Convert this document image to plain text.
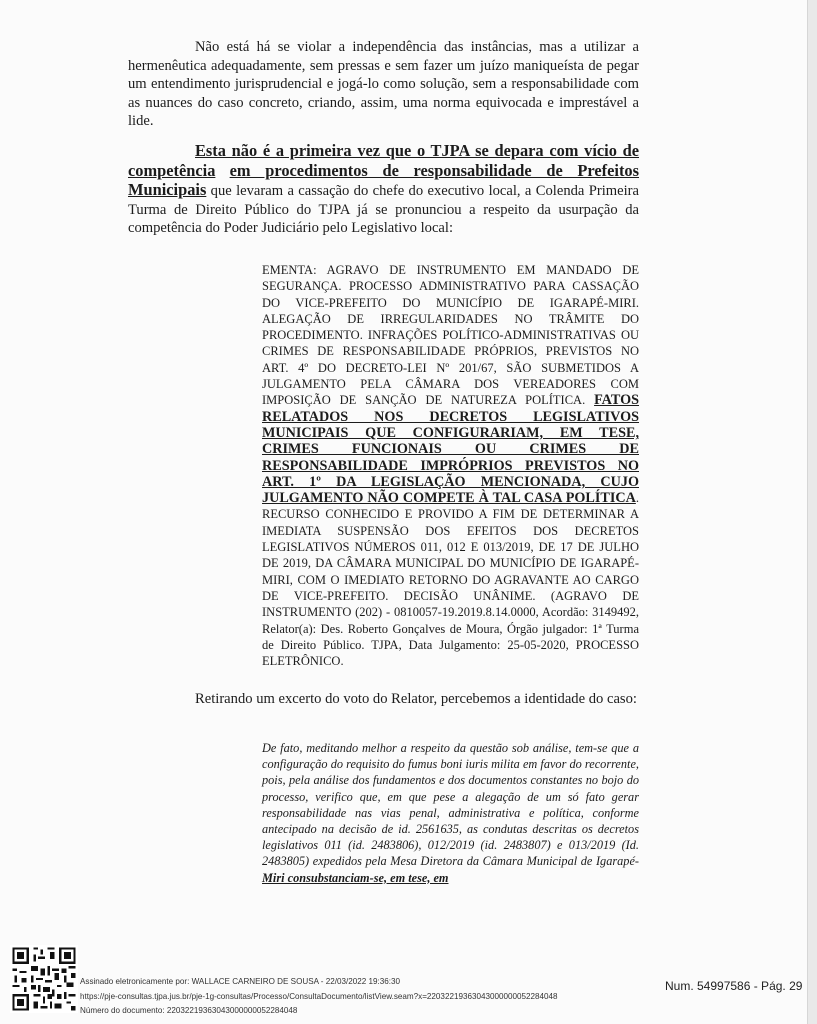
Não está há se violar a independência das instâncias, mas a utilizar a hermenêutica adequadamente, sem pressas e sem fazer um juízo maniqueísta de pegar um entendimento jurisprudencial e jogá-lo como solução, sem a responsabilidade com as nuances do caso concreto, criando, assim, uma norma equivocada e imprestável a lide.

Esta não é a primeira vez que o TJPA se depara com vício de competência em procedimentos de responsabilidade de Prefeitos Municipais que levaram a cassação do chefe do executivo local, a Colenda Primeira Turma de Direito Público do TJPA já se pronunciou a respeito da usurpação da competência do Poder Judiciário pelo Legislativo local:

EMENTA: AGRAVO DE INSTRUMENTO EM MANDADO DE SEGURANÇA. PROCESSO ADMINISTRATIVO PARA CASSAÇÃO DO VICE-PREFEITO DO MUNICÍPIO DE IGARAPÉ-MIRI. ALEGAÇÃO DE IRREGULARIDADES NO TRÂMITE DO PROCEDIMENTO. INFRAÇÕES POLÍTICO-ADMINISTRATIVAS OU CRIMES DE RESPONSABILIDADE PRÓPRIOS, PREVISTOS NO ART. 4º DO DECRETO-LEI Nº 201/67, SÃO SUBMETIDOS A JULGAMENTO PELA CÂMARA DOS VEREADORES COM IMPOSIÇÃO DE SANÇÃO DE NATUREZA POLÍTICA. FATOS RELATADOS NOS DECRETOS LEGISLATIVOS MUNICIPAIS QUE CONFIGURARIAM, EM TESE, CRIMES FUNCIONAIS OU CRIMES DE RESPONSABILIDADE IMPRÓPRIOS PREVISTOS NO ART. 1º DA LEGISLAÇÃO MENCIONADA, CUJO JULGAMENTO NÃO COMPETE À TAL CASA POLÍTICA. RECURSO CONHECIDO E PROVIDO A FIM DE DETERMINAR A IMEDIATA SUSPENSÃO DOS EFEITOS DOS DECRETOS LEGISLATIVOS NÚMEROS 011, 012 E 013/2019, DE 17 DE JULHO DE 2019, DA CÂMARA MUNICIPAL DO MUNICÍPIO DE IGARAPÉ-MIRI, COM O IMEDIATO RETORNO DO AGRAVANTE AO CARGO DE VICE-PREFEITO. DECISÃO UNÂNIME. (AGRAVO DE INSTRUMENTO (202) - 0810057-19.2019.8.14.0000, Acordão: 3149492, Relator(a): Des. Roberto Gonçalves de Moura, Órgão julgador: 1ª Turma de Direito Público. TJPA, Data Julgamento: 25-05-2020, PROCESSO ELETRÔNICO.

Retirando um excerto do voto do Relator, percebemos a identidade do caso:

De fato, meditando melhor a respeito da questão sob análise, tem-se que a configuração do requisito do fumus boni iuris milita em favor do recorrente, pois, pela análise dos fundamentos e dos documentos constantes no bojo do processo, verifico que, em que pese a alegação de um só fato gerar responsabilidade nas vias penal, administrativa e política, conforme antecipado na decisão de id. 2561635, as condutas descritas os decretos legislativos 011 (id. 2483806), 012/2019 (id. 2483807) e 013/2019 (Id. 2483805) expedidos pela Mesa Diretora da Câmara Municipal de Igarapé-Miri consubstanciam-se, em tese, em

Assinado eletronicamente por: WALLACE CARNEIRO DE SOUSA - 22/03/2022 19:36:30
https://pje-consultas.tjpa.jus.br/pje-1g-consultas/Processo/ConsultaDocumento/listView.seam?x=22032219363043000000052284048
Número do documento: 22032219363043000000052284048
Num. 54997586 - Pág. 29
